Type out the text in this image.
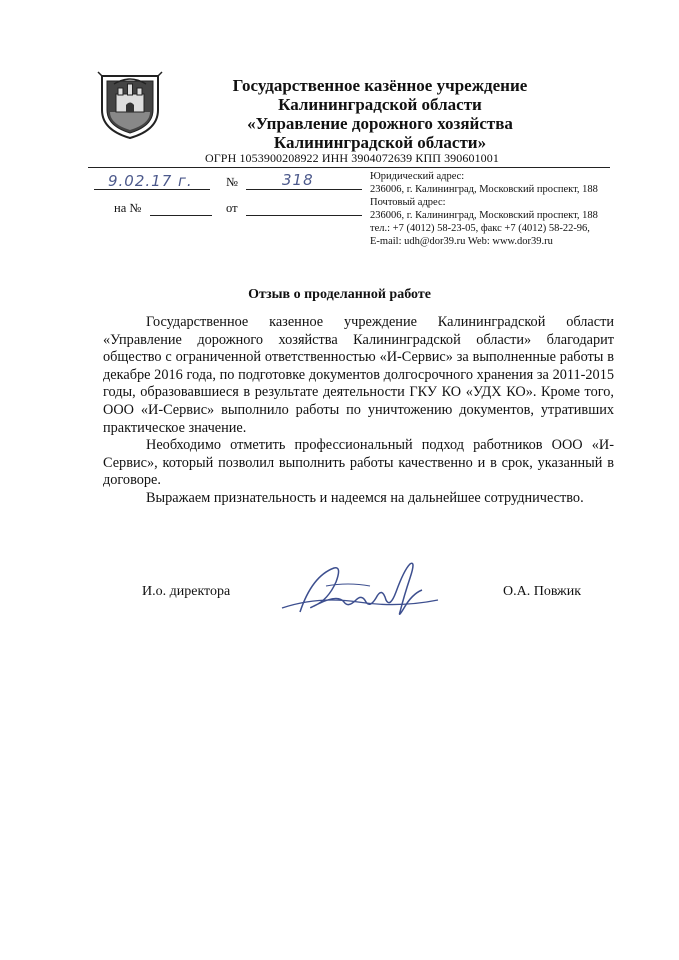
Государственное казённое учреждение
Калининградской области
«Управление дорожного хозяйства
Калининградской области»
ОГРН 1053900208922 ИНН 3904072639 КПП 390601001
9.02.17 г.	№	318
на №	от
Юридический адрес:
236006, г. Калининград, Московский проспект, 188
Почтовый адрес:
236006, г. Калининград, Московский проспект, 188
тел.: +7 (4012) 58-23-05, факс +7 (4012) 58-22-96,
E-mail: udh@dor39.ru Web: www.dor39.ru
Отзыв о проделанной работе

Государственное казенное учреждение Калининградской области «Управление дорожного хозяйства Калининградской области» благодарит общество с ограниченной ответственностью «И-Сервис» за выполненные работы в декабре 2016 года, по подготовке документов долгосрочного хранения за 2011-2015 годы, образовавшиеся в результате деятельности ГКУ КО «УДХ КО». Кроме того, ООО «И-Сервис» выполнило работы по уничтожению документов, утративших практическое значение.

Необходимо отметить профессиональный подход работников ООО «И-Сервис», который позволил выполнить работы качественно и в срок, указанный в договоре.

Выражаем признательность и надеемся на дальнейшее сотрудничество.

И.о. директора	О.А. Повжик
